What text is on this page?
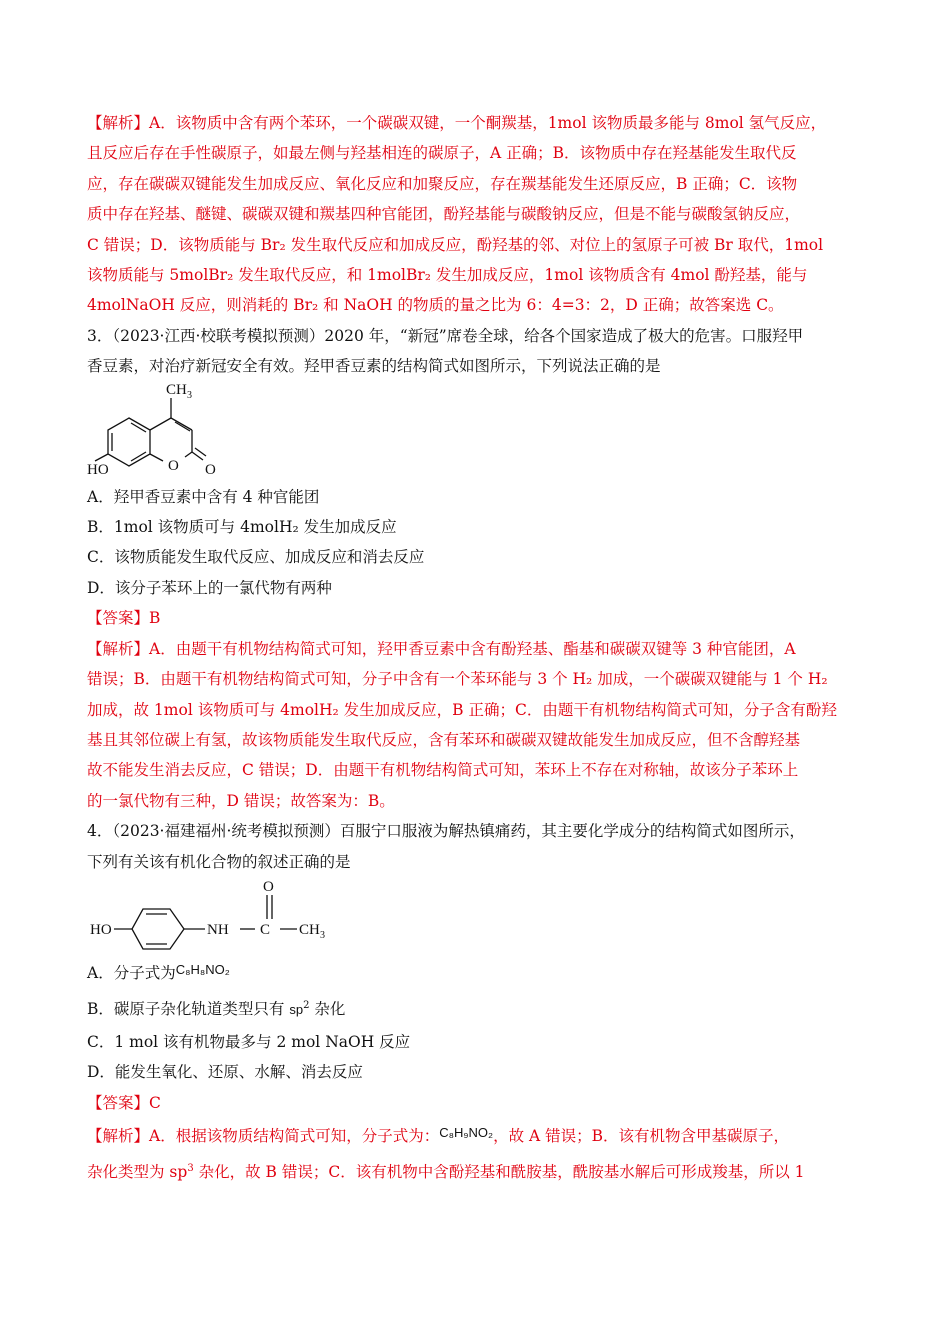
【解析】A．该物质中含有两个苯环，一个碳碳双键，一个酮羰基，1mol 该物质最多能与 8mol 氢气反应，
且反应后存在手性碳原子，如最左侧与羟基相连的碳原子，A 正确；B．该物质中存在羟基能发生取代反
应，存在碳碳双键能发生加成反应、氧化反应和加聚反应，存在羰基能发生还原反应，B 正确；C．该物
质中存在羟基、醚键、碳碳双键和羰基四种官能团，酚羟基能与碳酸钠反应，但是不能与碳酸氢钠反应，
C 错误；D．该物质能与 Br₂ 发生取代反应和加成反应，酚羟基的邻、对位上的氢原子可被 Br 取代，1mol
该物质能与 5molBr₂ 发生取代反应，和 1molBr₂ 发生加成反应，1mol 该物质含有 4mol 酚羟基，能与
4molNaOH 反应，则消耗的 Br₂ 和 NaOH 的物质的量之比为 6：4=3：2，D 正确；故答案选 C。
3．（2023·江西·校联考模拟预测）2020 年，“新冠”席卷全球，给各个国家造成了极大的危害。口服羟甲
香豆素，对治疗新冠安全有效。羟甲香豆素的结构简式如图所示，下列说法正确的是
CH 3
HO	O O
A．羟甲香豆素中含有 4 种官能团
B．1mol 该物质可与 4molH₂ 发生加成反应
C．该物质能发生取代反应、加成反应和消去反应
D．该分子苯环上的一氯代物有两种
【答案】B
【解析】A．由题干有机物结构简式可知，羟甲香豆素中含有酚羟基、酯基和碳碳双键等 3 种官能团，A
错误；B．由题干有机物结构简式可知，分子中含有一个苯环能与 3 个 H₂ 加成，一个碳碳双键能与 1 个 H₂
加成，故 1mol 该物质可与 4molH₂ 发生加成反应，B 正确；C．由题干有机物结构简式可知，分子含有酚羟
基且其邻位碳上有氢，故该物质能发生取代反应，含有苯环和碳碳双键故能发生加成反应，但不含醇羟基
故不能发生消去反应，C 错误；D．由题干有机物结构简式可知，苯环上不存在对称轴，故该分子苯环上
的一氯代物有三种，D 错误；故答案为：B。
4．（2023·福建福州·统考模拟预测）百服宁口服液为解热镇痛药，其主要化学成分的结构简式如图所示，
下列有关该有机化合物的叙述正确的是
HO	NH C
O
CH 3
A．分子式为$^{C_8H_8NO_2}$
B．碳原子杂化轨道类型只有 $sp^2$ 杂化
C．1 mol 该有机物最多与 2 mol NaOH 反应
D．能发生氧化、还原、水解、消去反应
【答案】C
【解析】A．根据该物质结构简式可知，分子式为：$^{C_8H_9NO_2}$，故 A 错误；B．该有机物含甲基碳原子，
杂化类型为 $sp^3$ 杂化，故 B 错误；C．该有机物中含酚羟基和酰胺基，酰胺基水解后可形成羧基，所以 1
